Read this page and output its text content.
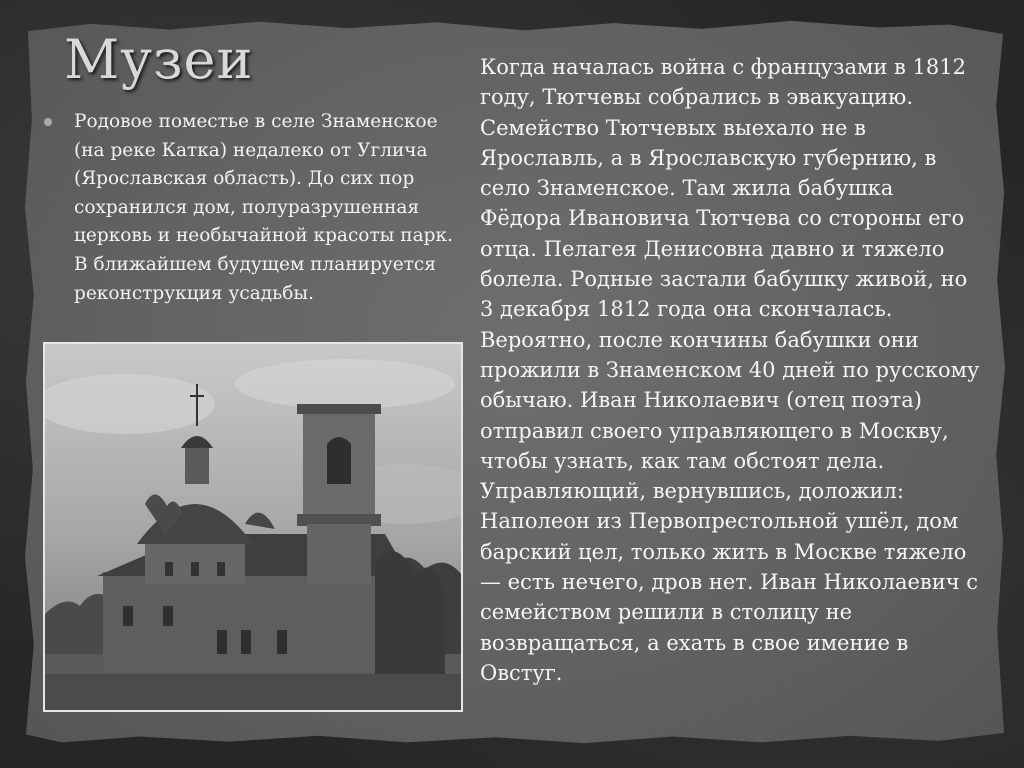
Музеи
Родовое поместье в селе Знаменское (на реке Катка) недалеко от Углича (Ярославская область). До сих пор сохранился дом, полуразрушенная церковь и необычайной красоты парк. В ближайшем будущем планируется реконструкция усадьбы.
Когда началась война с французами в 1812 году, Тютчевы собрались в эвакуацию. Семейство Тютчевых выехало не в Ярославль, а в Ярославскую губернию, в село Знаменское. Там жила бабушка Фёдора Ивановича Тютчева со стороны его отца. Пелагея Денисовна давно и тяжело болела. Родные застали бабушку живой, но 3 декабря 1812 года она скончалась. Вероятно, после кончины бабушки они прожили в Знаменском 40 дней по русскому обычаю. Иван Николаевич (отец поэта) отправил своего управляющего в Москву, чтобы узнать, как там обстоят дела. Управляющий, вернувшись, доложил: Наполеон из Первопрестольной ушёл, дом барский цел, только жить в Москве тяжело — есть нечего, дров нет. Иван Николаевич с семейством решили в столицу не возвращаться, а ехать в свое имение в Овстуг.
